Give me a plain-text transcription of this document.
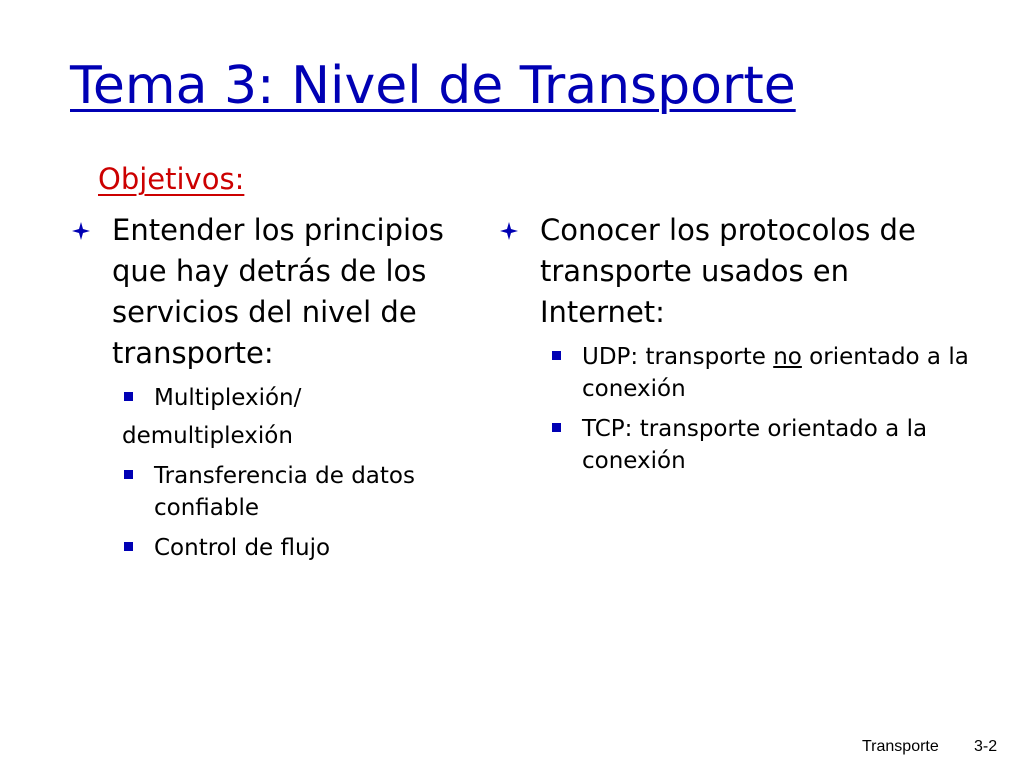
Tema 3: Nivel de Transporte
Objetivos:
Entender los principios que hay detrás de los servicios del nivel de transporte:
Multiplexión/
demultiplexión
Transferencia de datos confiable
Control de flujo
Conocer los protocolos de transporte usados en Internet:
UDP: transporte no orientado a la conexión
TCP: transporte orientado a la conexión
Transporte 3-2
